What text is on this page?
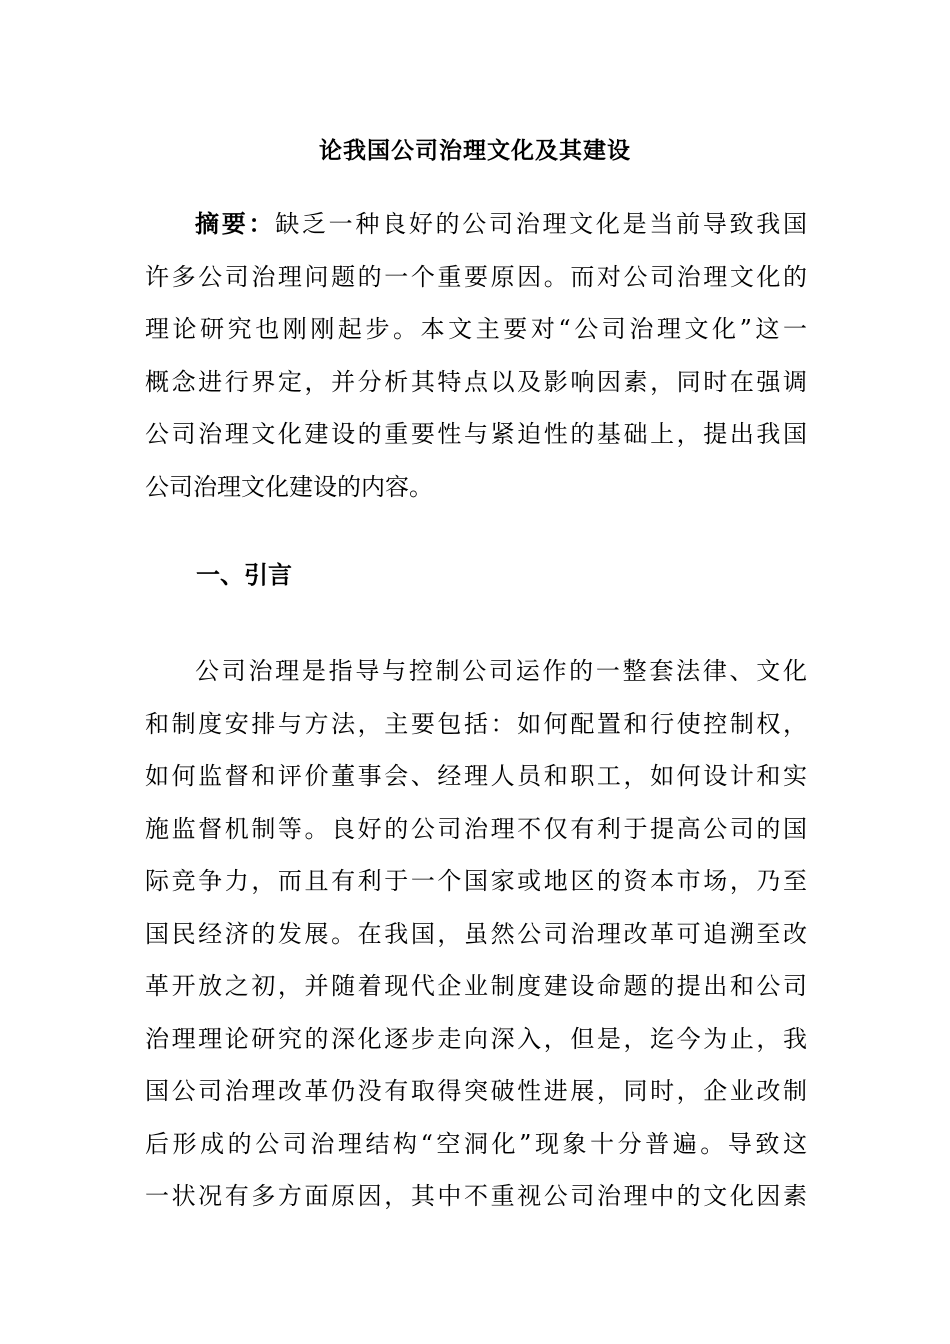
论我国公司治理文化及其建设
摘要：缺乏一种良好的公司治理文化是当前导致我国
许多公司治理问题的一个重要原因。而对公司治理文化的
理论研究也刚刚起步。本文主要对“公司治理文化”这一
概念进行界定，并分析其特点以及影响因素，同时在强调
公司治理文化建设的重要性与紧迫性的基础上，提出我国
公司治理文化建设的内容。
一、引言
公司治理是指导与控制公司运作的一整套法律、文化
和制度安排与方法，主要包括：如何配置和行使控制权，
如何监督和评价董事会、经理人员和职工，如何设计和实
施监督机制等。良好的公司治理不仅有利于提高公司的国
际竞争力，而且有利于一个国家或地区的资本市场，乃至
国民经济的发展。在我国，虽然公司治理改革可追溯至改
革开放之初，并随着现代企业制度建设命题的提出和公司
治理理论研究的深化逐步走向深入，但是，迄今为止，我
国公司治理改革仍没有取得突破性进展，同时，企业改制
后形成的公司治理结构“空洞化”现象十分普遍。导致这
一状况有多方面原因，其中不重视公司治理中的文化因素
